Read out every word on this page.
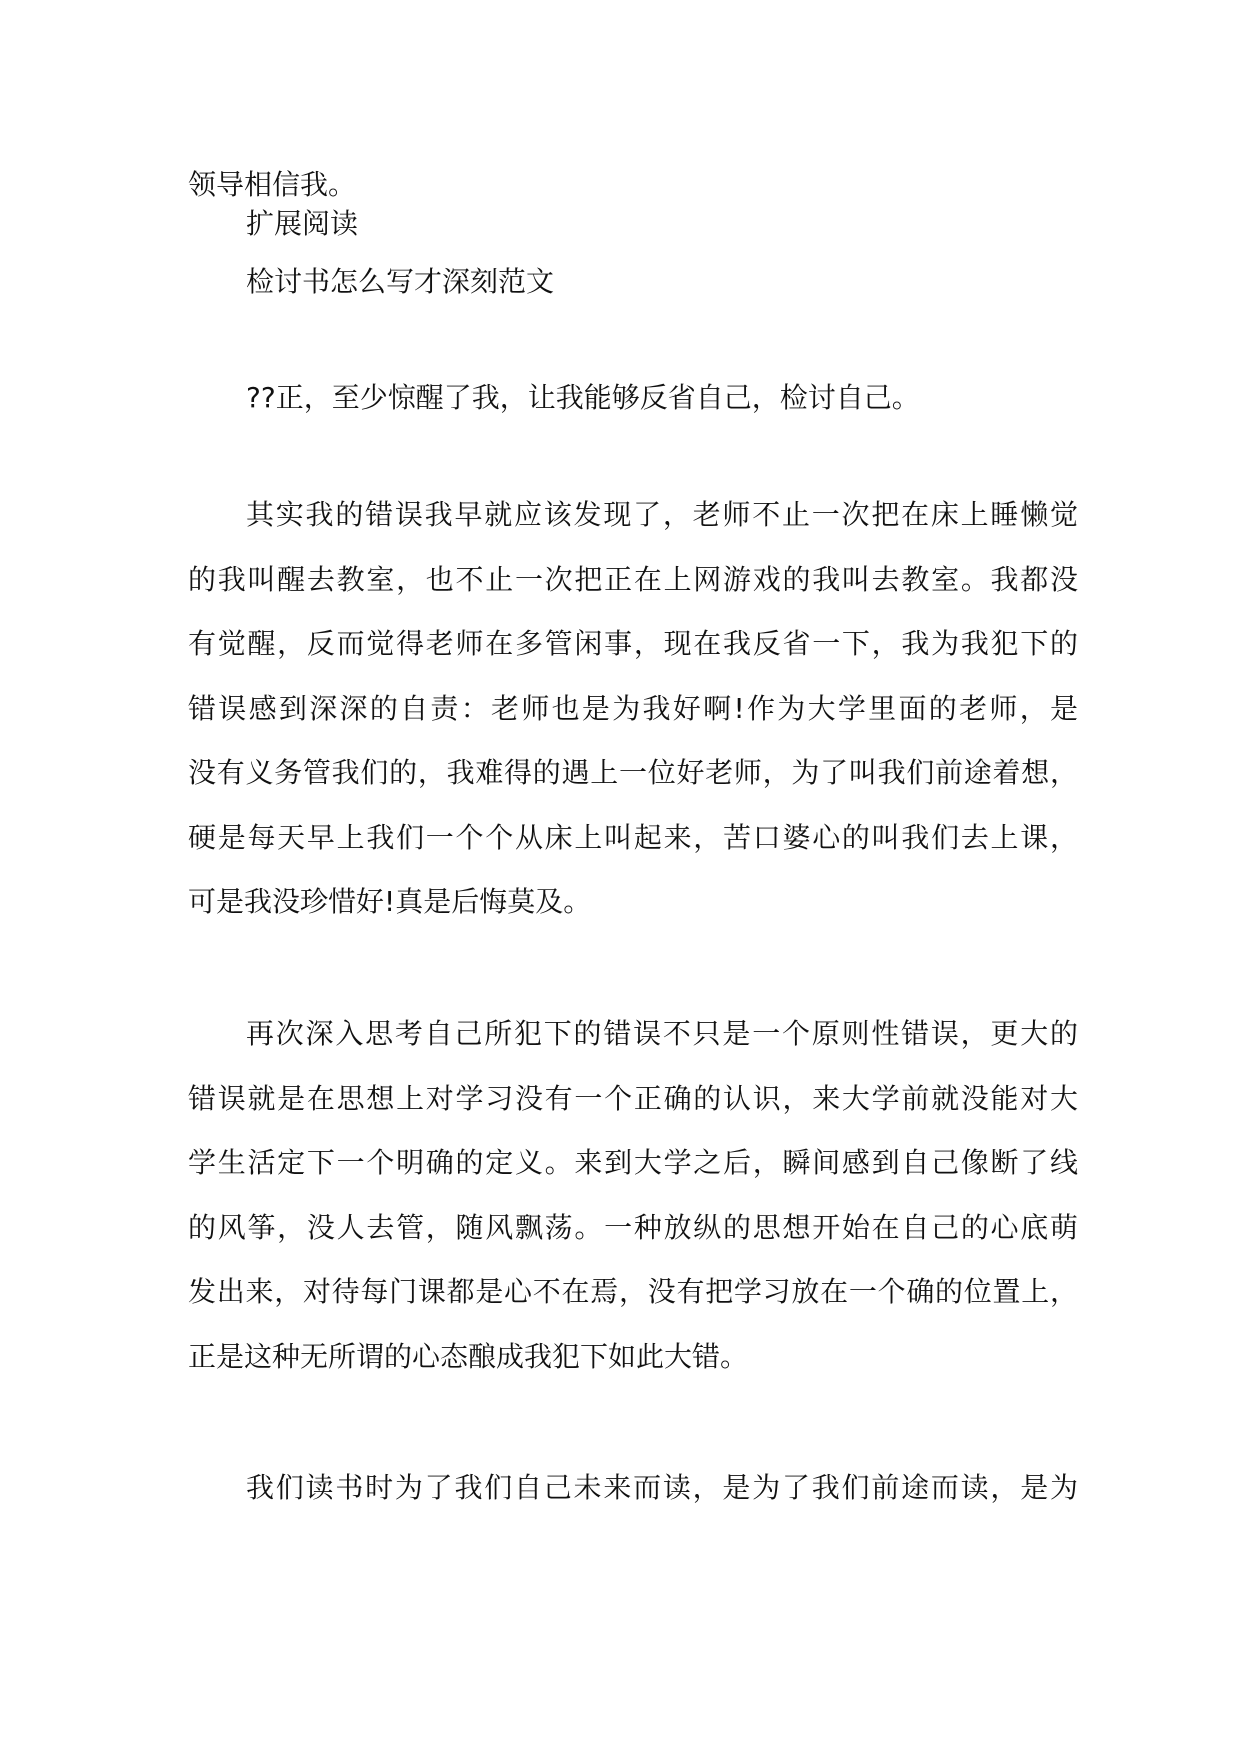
领导相信我。
扩展阅读
检讨书怎么写才深刻范文
??正，至少惊醒了我，让我能够反省自己，检讨自己。
其实我的错误我早就应该发现了，老师不止一次把在床上睡懒觉
的我叫醒去教室，也不止一次把正在上网游戏的我叫去教室。我都没
有觉醒，反而觉得老师在多管闲事，现在我反省一下，我为我犯下的
错误感到深深的自责：老师也是为我好啊!作为大学里面的老师，是
没有义务管我们的，我难得的遇上一位好老师，为了叫我们前途着想，
硬是每天早上我们一个个从床上叫起来，苦口婆心的叫我们去上课，
可是我没珍惜好!真是后悔莫及。
再次深入思考自己所犯下的错误不只是一个原则性错误，更大的
错误就是在思想上对学习没有一个正确的认识，来大学前就没能对大
学生活定下一个明确的定义。来到大学之后，瞬间感到自己像断了线
的风筝，没人去管，随风飘荡。一种放纵的思想开始在自己的心底萌
发出来，对待每门课都是心不在焉，没有把学习放在一个确的位置上，
正是这种无所谓的心态酿成我犯下如此大错。
我们读书时为了我们自己未来而读，是为了我们前途而读，是为
